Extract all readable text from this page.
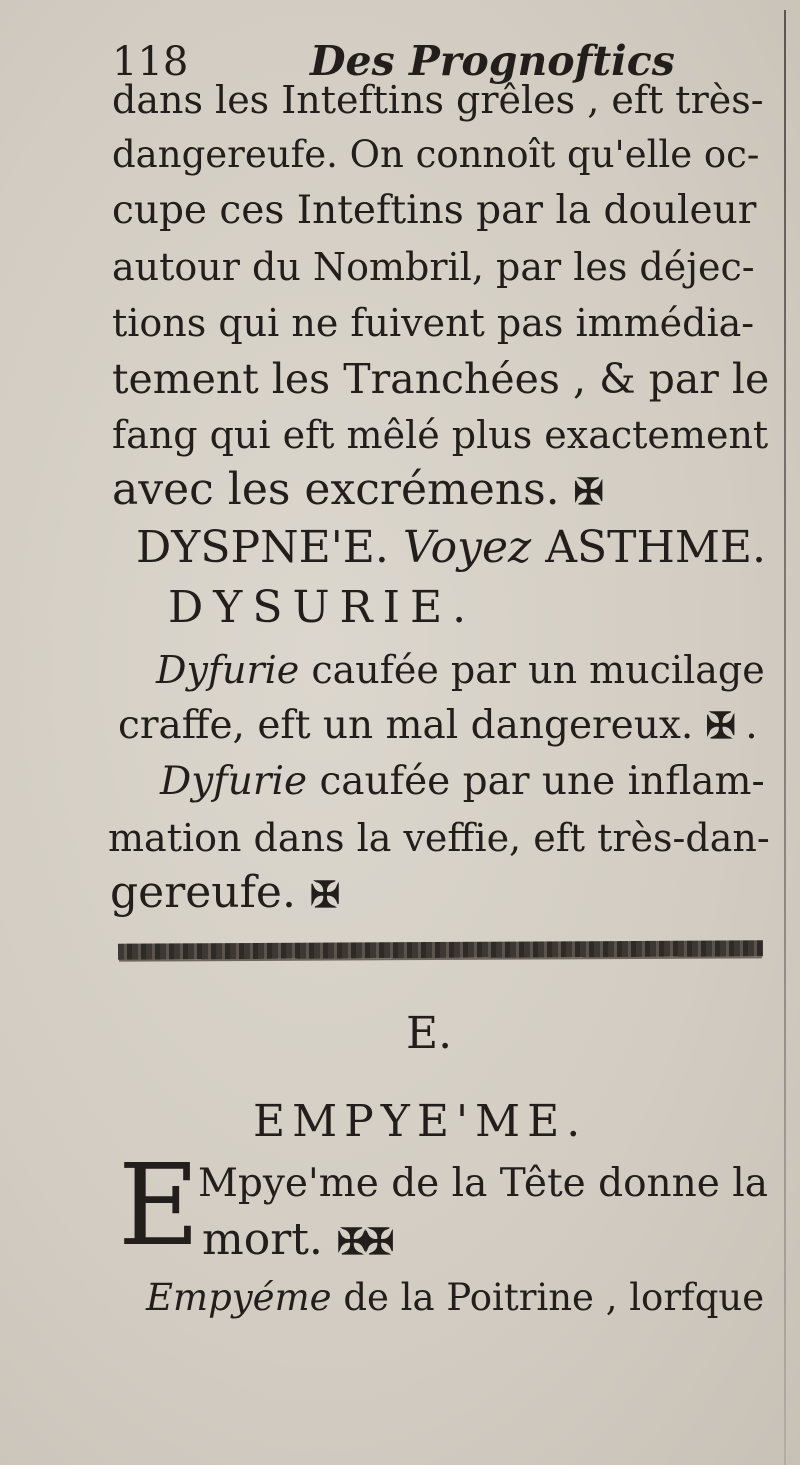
118	Des Prognoftics
dans les Inteftins grêles , eft très-
dangereufe. On connoît qu'elle oc-
cupe ces Inteftins par la douleur
autour du Nombril, par les déjec-
tions qui ne fuivent pas immédia-
tement les Tranchées , & par le
fang qui eft mêlé plus exactement
avec les excrémens. ✠
DYSPNE'E. Voyez ASTHME.
DYSURIE.
Dyfurie caufée par un mucilage
craffe, eft un mal dangereux. ✠ .
Dyfurie caufée par une inflam-
mation dans la veffie, eft très-dan-
gereufe. ✠
E.
EMPYE'ME.
E
Mpye'me de la Tête donne la
mort. ✠✠
Empyéme de la Poitrine , lorfque
